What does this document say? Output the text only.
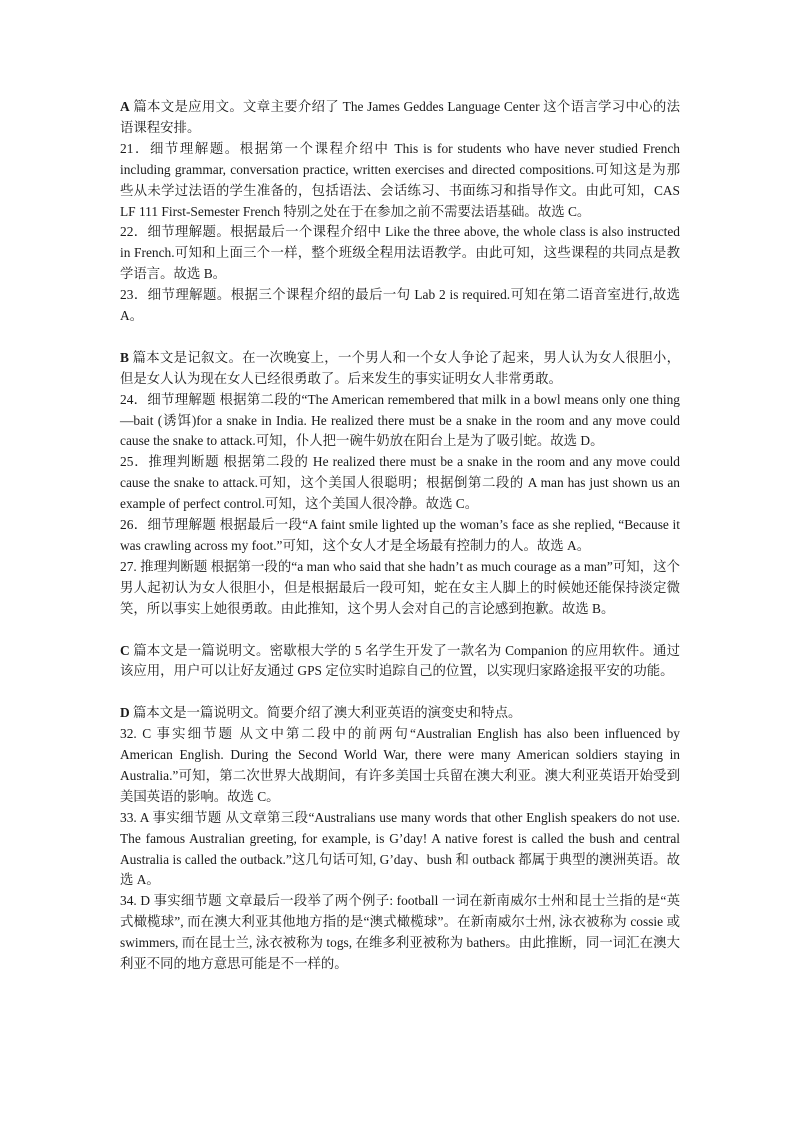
A 篇本文是应用文。文章主要介绍了 The James Geddes Language Center 这个语言学习中心的法语课程安排。

21．细节理解题。根据第一个课程介绍中 This is for students who have never studied French including grammar, conversation practice, written exercises and directed compositions.可知这是为那些从未学过法语的学生准备的，包括语法、会话练习、书面练习和指导作文。由此可知，CAS LF 111 First-Semester French 特别之处在于在参加之前不需要法语基础。故选 C。

22．细节理解题。根据最后一个课程介绍中 Like the three above, the whole class is also instructed in French.可知和上面三个一样，整个班级全程用法语教学。由此可知，这些课程的共同点是教学语言。故选 B。

23．细节理解题。根据三个课程介绍的最后一句 Lab 2 is required.可知在第二语音室进行,故选 A。

B 篇本文是记叙文。在一次晚宴上，一个男人和一个女人争论了起来，男人认为女人很胆小，但是女人认为现在女人已经很勇敢了。后来发生的事实证明女人非常勇敢。

24．细节理解题 根据第二段的“The American remembered that milk in a bowl means only one thing—bait (诱饵)for a snake in India. He realized there must be a snake in the room and any move could cause the snake to attack.可知，仆人把一碗牛奶放在阳台上是为了吸引蛇。故选 D。

25．推理判断题 根据第二段的 He realized there must be a snake in the room and any move could cause the snake to attack.可知，这个美国人很聪明；根据倒第二段的 A man has just shown us an example of perfect control.可知，这个美国人很冷静。故选 C。

26．细节理解题 根据最后一段“A faint smile lighted up the woman’s face as she replied, “Because it was crawling across my foot.”可知，这个女人才是全场最有控制力的人。故选 A。

27. 推理判断题 根据第一段的“a man who said that she hadn’t as much courage as a man”可知，这个男人起初认为女人很胆小，但是根据最后一段可知，蛇在女主人脚上的时候她还能保持淡定微笑，所以事实上她很勇敢。由此推知，这个男人会对自己的言论感到抱歉。故选 B。

C 篇本文是一篇说明文。密歇根大学的 5 名学生开发了一款名为 Companion 的应用软件。通过该应用，用户可以让好友通过 GPS 定位实时追踪自己的位置，以实现归家路途报平安的功能。

D 篇本文是一篇说明文。简要介绍了澳大利亚英语的演变史和特点。

32. C 事实细节题 从文中第二段中的前两句“Australian English has also been influenced by American English. During the Second World War, there were many American soldiers staying in Australia.”可知，第二次世界大战期间，有许多美国士兵留在澳大利亚。澳大利亚英语开始受到美国英语的影响。故选 C。

33. A 事实细节题 从文章第三段“Australians use many words that other English speakers do not use. The famous Australian greeting, for example, is G’day! A native forest is called the bush and central Australia is called the outback.”这几句话可知, G’day、bush 和 outback 都属于典型的澳洲英语。故选 A。

34. D 事实细节题 文章最后一段举了两个例子: football 一词在新南威尔士州和昆士兰指的是“英式橄榄球”, 而在澳大利亚其他地方指的是“澳式橄榄球”。在新南威尔士州, 泳衣被称为 cossie 或 swimmers, 而在昆士兰, 泳衣被称为 togs, 在维多利亚被称为 bathers。由此推断，同一词汇在澳大利亚不同的地方意思可能是不一样的。
